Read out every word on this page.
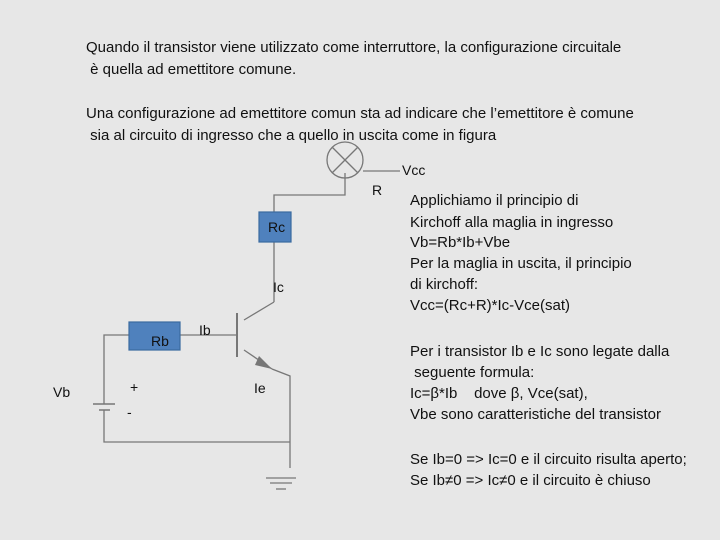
Quando il transistor viene utilizzato come interruttore, la configurazione circuitale
è quella ad emettitore comune.
Una configurazione ad emettitore comun sta ad indicare che l’emettitore è comune
sia al circuito di ingresso che a quello in uscita come in figura
Vcc
R
Rc
Ic
Rb
Ib
Vb	+
-
Ie
Applichiamo il principio di
Kirchoff alla maglia in ingresso
Vb=Rb*Ib+Vbe
Per la maglia in uscita, il principio
di kirchoff:
Vcc=(Rc+R)*Ic-Vce(sat)
Per i transistor Ib e Ic sono legate dalla
seguente formula:
Ic=β*Ib    dove β, Vce(sat),
Vbe sono caratteristiche del transistor
Se Ib=0 => Ic=0 e il circuito risulta aperto;
Se Ib≠0 => Ic≠0 e il circuito è chiuso
